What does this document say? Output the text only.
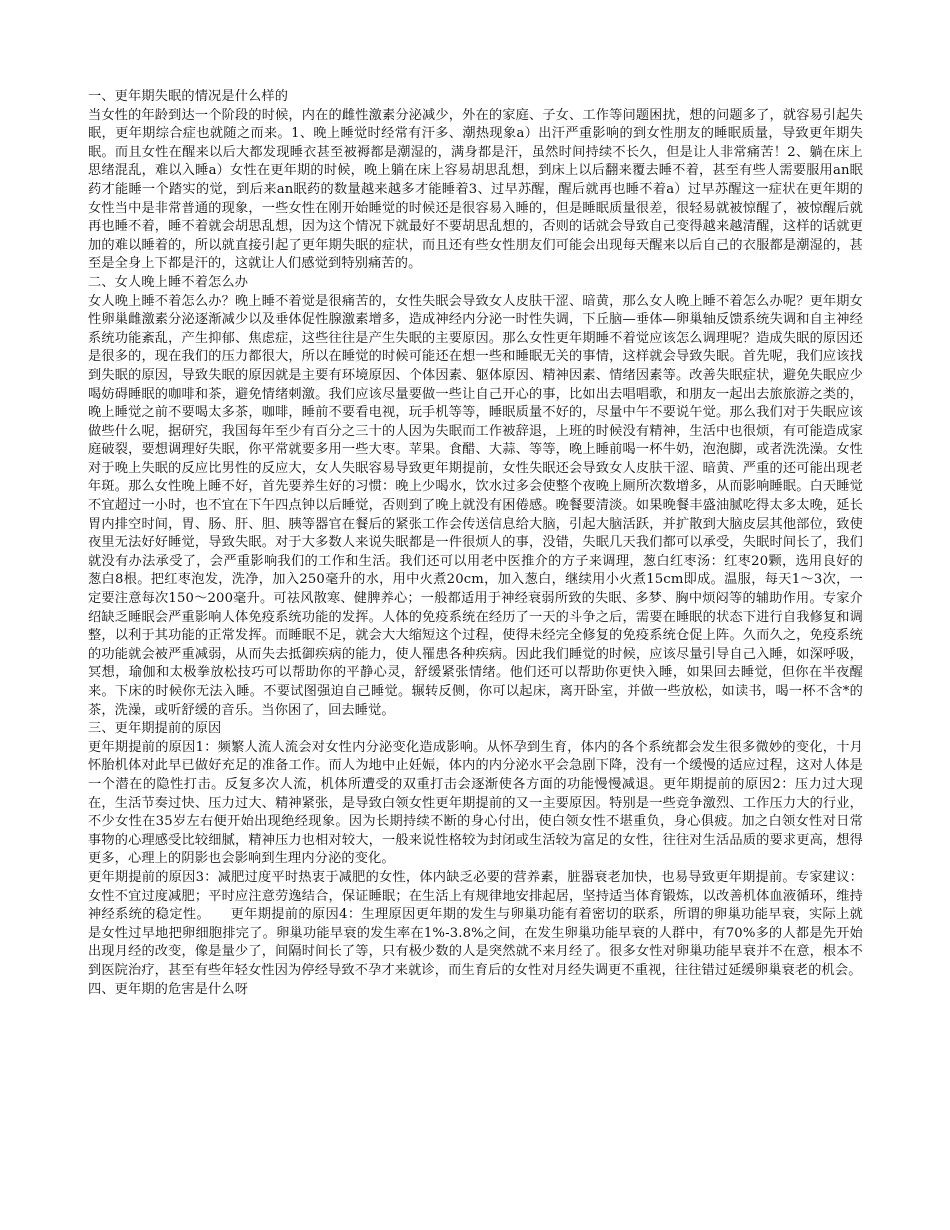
一、更年期失眠的情况是什么样的

当女性的年龄到达一个阶段的时候，内在的雌性激素分泌减少，外在的家庭、子女、工作等问题困扰，想的问题多了，就容易引起失眠，更年期综合症也就随之而来。1、晚上睡觉时经常有汗多、潮热现象a）出汗严重影响的到女性朋友的睡眠质量，导致更年期失眠。而且女性在醒来以后大都发现睡衣甚至被褥都是潮湿的，满身都是汗，虽然时间持续不长久，但是让人非常痛苦！2、躺在床上思绪混乱，难以入睡a）女性在更年期的时候，晚上躺在床上容易胡思乱想，到床上以后翻来覆去睡不着，甚至有些人需要服用an眠药才能睡一个踏实的觉，到后来an眠药的数量越来越多才能睡着3、过早苏醒，醒后就再也睡不着a）过早苏醒这一症状在更年期的女性当中是非常普通的现象，一些女性在刚开始睡觉的时候还是很容易入睡的，但是睡眠质量很差，很轻易就被惊醒了，被惊醒后就再也睡不着，睡不着就会胡思乱想，因为这个情况下就最好不要胡思乱想的，否则的话就会导致自己变得越来越清醒，这样的话就更加的难以睡着的，所以就直接引起了更年期失眠的症状，而且还有些女性朋友们可能会出现每天醒来以后自己的衣服都是潮湿的，甚至是全身上下都是汗的，这就让人们感觉到特别痛苦的。

二、女人晚上睡不着怎么办

女人晚上睡不着怎么办？晚上睡不着觉是很痛苦的，女性失眠会导致女人皮肤干涩、暗黄，那么女人晚上睡不着怎么办呢？更年期女性卵巢雌激素分泌逐渐减少以及垂体促性腺激素增多，造成神经内分泌一时性失调，下丘脑—垂体—卵巢轴反馈系统失调和自主神经系统功能紊乱，产生抑郁、焦虑症，这些往往是产生失眠的主要原因。那么女性更年期睡不着觉应该怎么调理呢？造成失眠的原因还是很多的，现在我们的压力都很大，所以在睡觉的时候可能还在想一些和睡眠无关的事情，这样就会导致失眠。首先呢，我们应该找到失眠的原因，导致失眠的原因就是主要有环境原因、个体因素、躯体原因、精神因素、情绪因素等。改善失眠症状，避免失眠应少喝妨碍睡眠的咖啡和茶，避免情绪刺激。我们应该尽量要做一些让自己开心的事，比如出去唱唱歌，和朋友一起出去旅旅游之类的，晚上睡觉之前不要喝太多茶，咖啡，睡前不要看电视，玩手机等等，睡眠质量不好的，尽量中午不要说午觉。那么我们对于失眠应该做些什么呢，据研究，我国每年至少有百分之三十的人因为失眠而工作被辞退，上班的时候没有精神，生活中也很烦，有可能造成家庭破裂，要想调理好失眠，你平常就要多用一些大枣。苹果。食醋、大蒜、等等，晚上睡前喝一杯牛奶，泡泡脚，或者洗洗澡。女性对于晚上失眠的反应比男性的反应大，女人失眠容易导致更年期提前，女性失眠还会导致女人皮肤干涩、暗黄、严重的还可能出现老年斑。那么女性晚上睡不好，首先要养生好的习惯：晚上少喝水，饮水过多会使整个夜晚上厕所次数增多，从而影响睡眠。白天睡觉不宜超过一小时，也不宜在下午四点钟以后睡觉，否则到了晚上就没有困倦感。晚餐要清淡。如果晚餐丰盛油腻吃得太多太晚，延长胃内排空时间，胃、肠、肝、胆、胰等器官在餐后的紧张工作会传送信息给大脑，引起大脑活跃，并扩散到大脑皮层其他部位，致使夜里无法好好睡觉，导致失眠。对于大多数人来说失眠都是一件很烦人的事，没错，失眠几天我们都可以承受，失眠时间长了，我们就没有办法承受了，会严重影响我们的工作和生活。我们还可以用老中医推介的方子来调理，葱白红枣汤：红枣20颗，选用良好的葱白8根。把红枣泡发，洗净，加入250毫升的水，用中火煮20cm，加入葱白，继续用小火煮15cm即成。温服，每天1～3次，一定要注意每次150～200毫升。可祛风散寒、健脾养心；一般都适用于神经衰弱所致的失眠、多梦、胸中烦闷等的辅助作用。专家介绍缺乏睡眠会严重影响人体免疫系统功能的发挥。人体的免疫系统在经历了一天的斗争之后，需要在睡眠的状态下进行自我修复和调整，以利于其功能的正常发挥。而睡眠不足，就会大大缩短这个过程，使得未经完全修复的免疫系统仓促上阵。久而久之，免疫系统的功能就会被严重减弱，从而失去抵御疾病的能力，使人罹患各种疾病。因此我们睡觉的时候，应该尽量引导自己入睡，如深呼吸，冥想，瑜伽和太极拳放松技巧可以帮助你的平静心灵，舒缓紧张情绪。他们还可以帮助你更快入睡，如果回去睡觉，但你在半夜醒来。下床的时候你无法入睡。不要试图强迫自己睡觉。辗转反侧，你可以起床，离开卧室，并做一些放松，如读书，喝一杯不含*的茶，洗澡，或听舒缓的音乐。当你困了，回去睡觉。

三、更年期提前的原因

更年期提前的原因1：频繁人流人流会对女性内分泌变化造成影响。从怀孕到生育，体内的各个系统都会发生很多微妙的变化，十月怀胎机体对此早已做好充足的准备工作。而人为地中止妊娠，体内的内分泌水平会急剧下降，没有一个缓慢的适应过程，这对人体是一个潜在的隐性打击。反复多次人流，机体所遭受的双重打击会逐渐使各方面的功能慢慢减退。更年期提前的原因2：压力过大现在，生活节奏过快、压力过大、精神紧张，是导致白领女性更年期提前的又一主要原因。特别是一些竞争激烈、工作压力大的行业，不少女性在35岁左右便开始出现绝经现象。因为长期持续不断的身心付出，使白领女性不堪重负，身心俱疲。加之白领女性对日常事物的心理感受比较细腻，精神压力也相对较大，一般来说性格较为封闭或生活较为富足的女性，往往对生活品质的要求更高，想得更多，心理上的阴影也会影响到生理内分泌的变化。

更年期提前的原因3：减肥过度平时热衷于减肥的女性，体内缺乏必要的营养素，脏器衰老加快，也易导致更年期提前。专家建议：女性不宜过度减肥；平时应注意劳逸结合，保证睡眠；在生活上有规律地安排起居，坚持适当体育锻炼，以改善机体血液循环，维持神经系统的稳定性。　　更年期提前的原因4：生理原因更年期的发生与卵巢功能有着密切的联系，所谓的卵巢功能早衰，实际上就是女性过早地把卵细胞排完了。卵巢功能早衰的发生率在1%-3.8%之间，在发生卵巢功能早衰的人群中，有70%多的人都是先开始出现月经的改变，像是量少了，间隔时间长了等，只有极少数的人是突然就不来月经了。很多女性对卵巢功能早衰并不在意，根本不到医院治疗，甚至有些年轻女性因为停经导致不孕才来就诊，而生育后的女性对月经失调更不重视，往往错过延缓卵巢衰老的机会。

四、更年期的危害是什么呀
